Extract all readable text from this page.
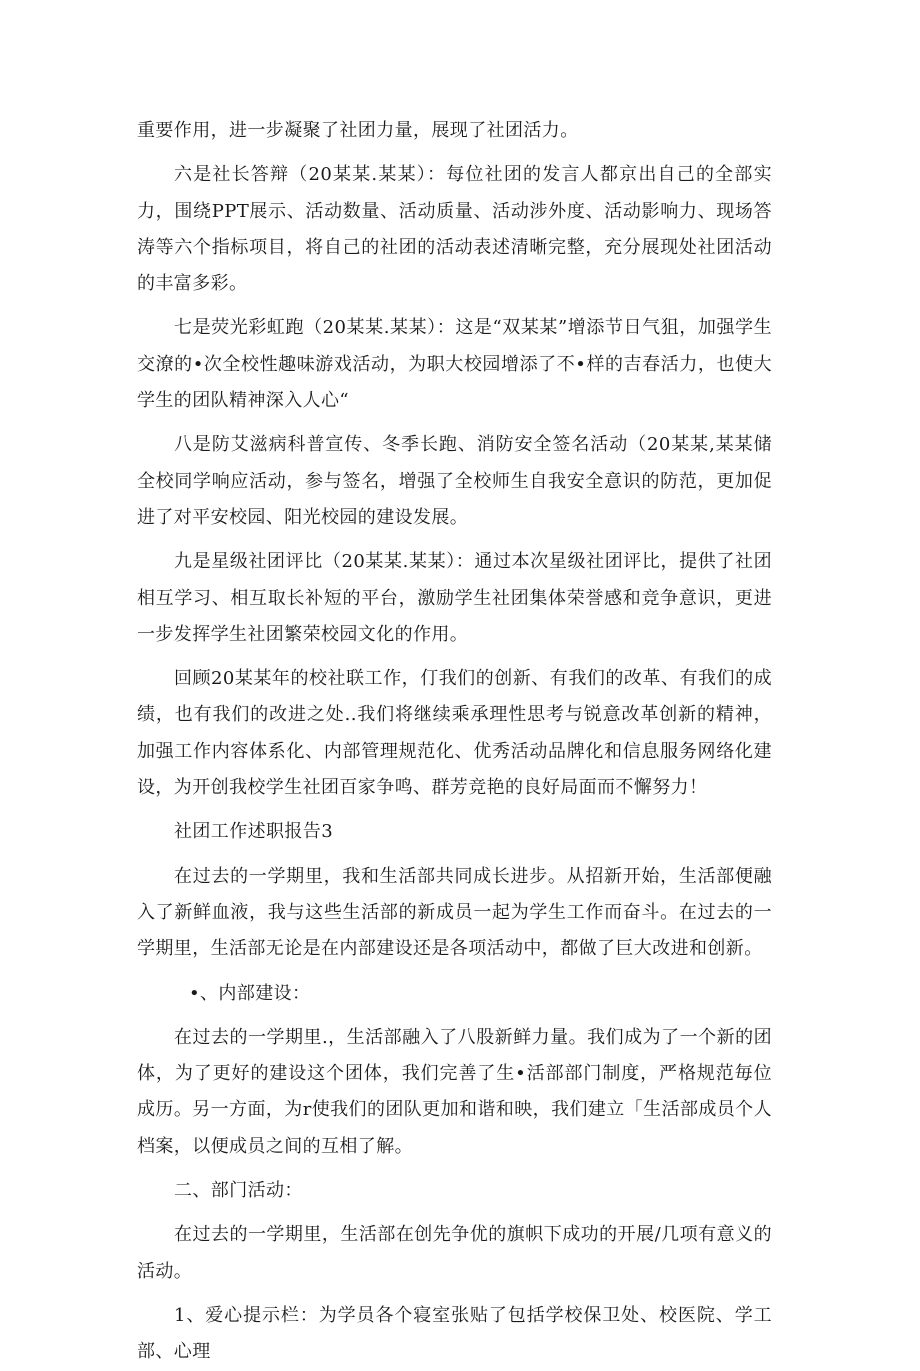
重要作用，进一步凝聚了社团力量，展现了社团活力。

六是社长答辩（20某某.某某）：每位社团的发言人都京出自己的全部实力，围绕PPT展示、活动数量、活动质量、活动涉外度、活动影响力、现场答涛等六个指标项目，将自己的社团的活动表述清晰完整，充分展现处社团活动的丰富多彩。

七是荧光彩虹跑（20某某.某某）：这是“双某某”增添节日气狙，加强学生交潦的•次全校性趣味游戏活动，为职大校园增添了不•样的吉春活力，也使大学生的团队精神深入人心“

八是防艾滋病科普宣传、冬季长跑、消防安全签名活动（20某某,某某储全校同学响应活动，参与签名，增强了全校师生自我安全意识的防范，更加促进了对平安校园、阳光校园的建设发展。

九是星级社团评比（20某某.某某）：通过本次星级社团评比，提供了社团相互学习、相互取长补短的平台，激励学生社团集体荣誉感和竞争意识，更进一步发挥学生社团繁荣校园文化的作用。

回顾20某某年的校社联工作，仃我们的创新、有我们的改革、有我们的成绩，也有我们的改进之处..我们将继续乘承理性思考与锐意改革创新的精神，加强工作内容体系化、内部管理规范化、优秀活动品牌化和信息服务网络化建设，为开创我校学生社团百家争鸣、群芳竞艳的良好局面而不懈努力！

社团工作述职报告3

在过去的一学期里，我和生活部共同成长进步。从招新开始，生活部便融入了新鲜血液，我与这些生活部的新成员一起为学生工作而奋斗。在过去的一学期里，生活部无论是在内部建设还是各项活动中，都做了巨大改进和创新。

•、内部建设：

在过去的一学期里.，生活部融入了八股新鲜力量。我们成为了一个新的团体，为了更好的建设这个团体，我们完善了生•活部部门制度，严格规范毎位成历。另一方面，为r使我们的团队更加和谐和映，我们建立「生活部成员个人档案，以便成员之间的互相了解。

二、部门活动：

在过去的一学期里，生活部在创先争优的旗帜下成功的开展/几项有意义的活动。

1、爱心提示栏：为学员各个寝室张贴了包括学校保卫处、校医院、学工部、心理
